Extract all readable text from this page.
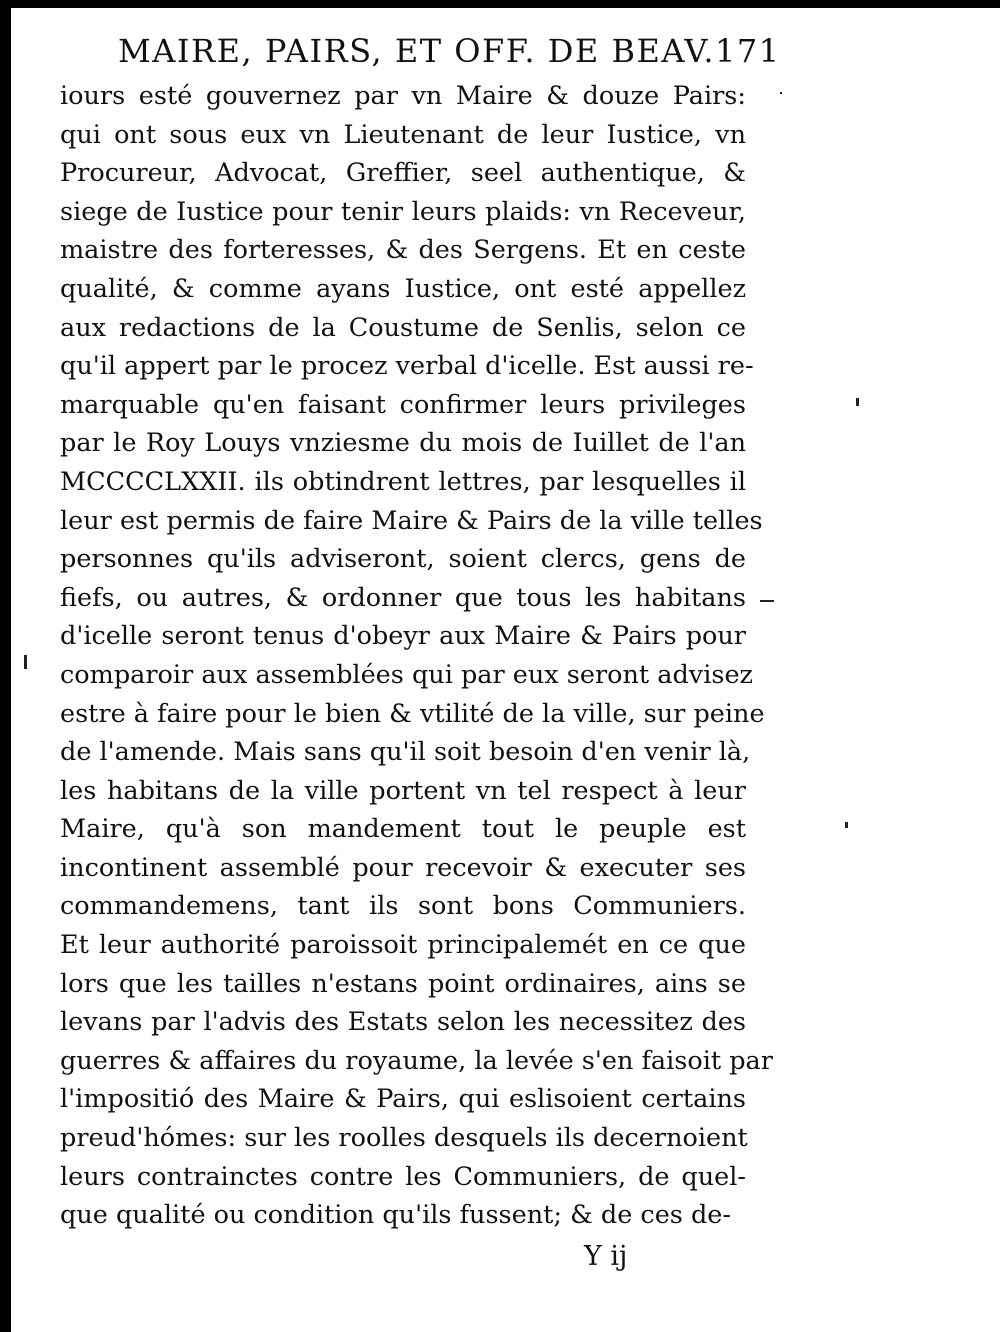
MAIRE, PAIRS, ET OFF. DE BEAV. 171
iours esté gouvernez par vn Maire & douze Pairs:
qui ont sous eux vn Lieutenant de leur Iustice, vn
Procureur, Advocat, Greffier, seel authentique, &
siege de Iustice pour tenir leurs plaids: vn Receveur,
maistre des forteresses, & des Sergens. Et en ceste
qualité, & comme ayans Iustice, ont esté appellez
aux redactions de la Coustume de Senlis, selon ce
qu'il appert par le procez verbal d'icelle. Est aussi re-
marquable qu'en faisant confirmer leurs privileges
par le Roy Louys vnziesme du mois de Iuillet de l'an
MCCCCLXXII. ils obtindrent lettres, par lesquelles il
leur est permis de faire Maire & Pairs de la ville telles
personnes qu'ils adviseront, soient clercs, gens de
fiefs, ou autres, & ordonner que tous les habitans
d'icelle seront tenus d'obeyr aux Maire & Pairs pour
comparoir aux assemblées qui par eux seront advisez
estre à faire pour le bien & vtilité de la ville, sur peine
de l'amende. Mais sans qu'il soit besoin d'en venir là,
les habitans de la ville portent vn tel respect à leur
Maire, qu'à son mandement tout le peuple est
incontinent assemblé pour recevoir & executer ses
commandemens, tant ils sont bons Communiers.
Et leur authorité paroissoit principalemét en ce que
lors que les tailles n'estans point ordinaires, ains se
levans par l'advis des Estats selon les necessitez des
guerres & affaires du royaume, la levée s'en faisoit par
l'impositió des Maire & Pairs, qui eslisoient certains
preud'hómes: sur les roolles desquels ils decernoient
leurs contrainctes contre les Communiers, de quel-
que qualité ou condition qu'ils fussent; & de ces de-
Y ij
